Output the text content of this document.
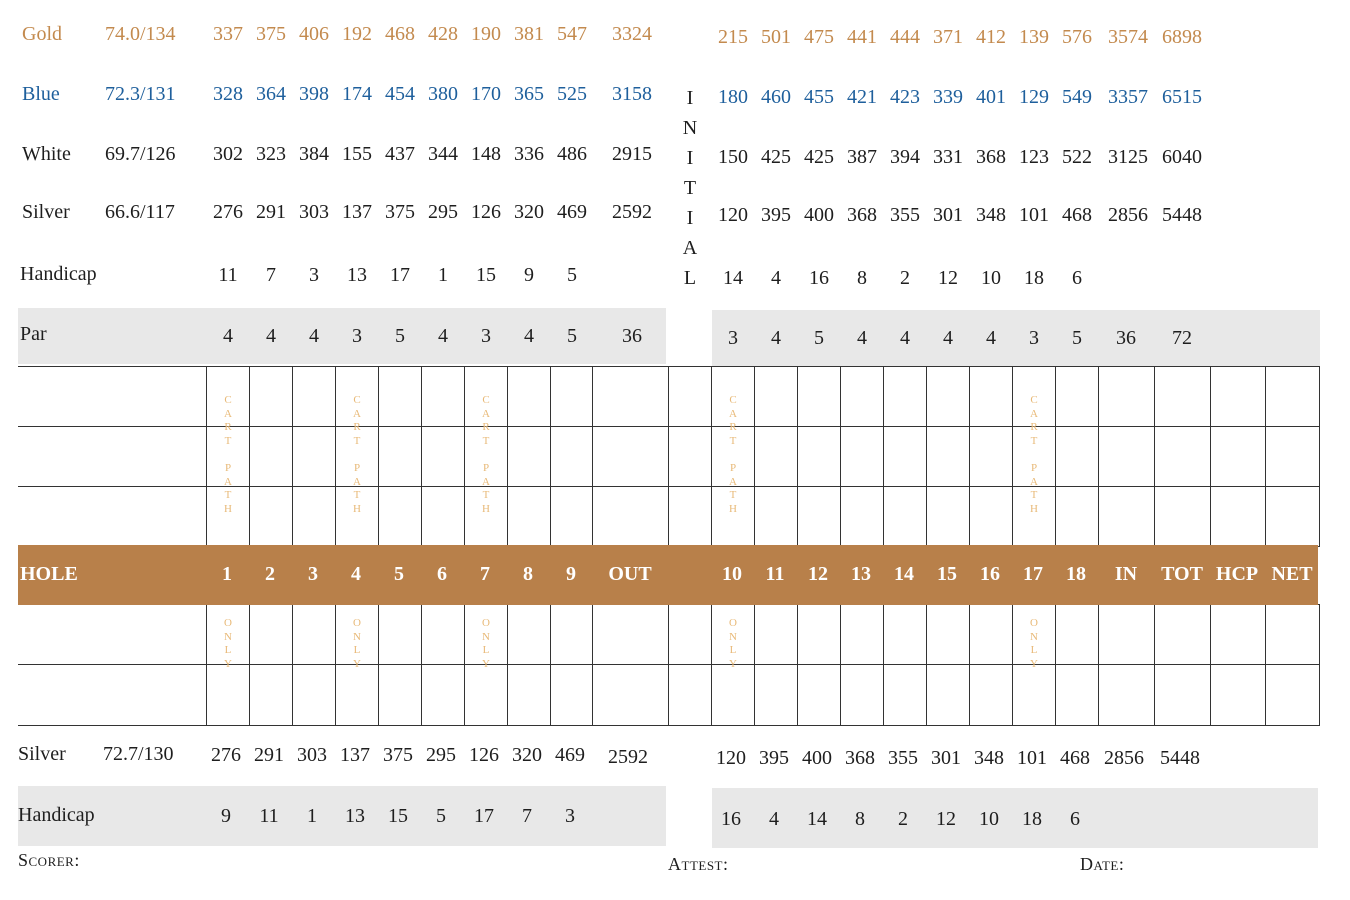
Gold 74.0/134 337 375 406 192 468 428 190 381 547 3324	215 501 475 441 444 371 412 139 576 3574 6898
Blue 72.3/131 328 364 398 174 454 380 170 365 525 3158	180 460 455 421 423 339 401 129 549 3357 6515
White 69.7/126 302 323 384 155 437 344 148 336 486 2915	150 425 425 387 394 331 368 123 522 3125 6040
Silver 66.6/117 276 291 303 137 375 295 126 320 469 2592	120 395 400 368 355 301 348 101 468 2856 5448
Handicap	11 7 3 13 17 1 15 9 5	14 4 16 8 2 12 10 18 6
I
N
I
T
I
A
L
Par	4 4 4 3 5 4 3 4 5 36	3 4 5 4 4 4 4 3 5 36 72
C
A
R
T

P
A
T
H
O
N
L
Y
C
A
R
T

P
A
T
H
O
N
L
Y
C
A
R
T

P
A
T
H
O
N
L
Y
C
A
R
T

P
A
T
H
O
N
L
Y
C
A
R
T

P
A
T
H
O
N
L
Y
HOLE	1 2 3 4 5 6 7 8 9 OUT	10 11 12 13 14 15 16 17 18 IN TOT HCP NET
Silver 72.7/130 276 291 303 137 375 295 126 320 469 2592	120 395 400 368 355 301 348 101 468 2856 5448
Handicap	9 11 1 13 15 5 17 7 3	16 4 14 8 2 12 10 18 6
Scorer:	Attest:	Date:
